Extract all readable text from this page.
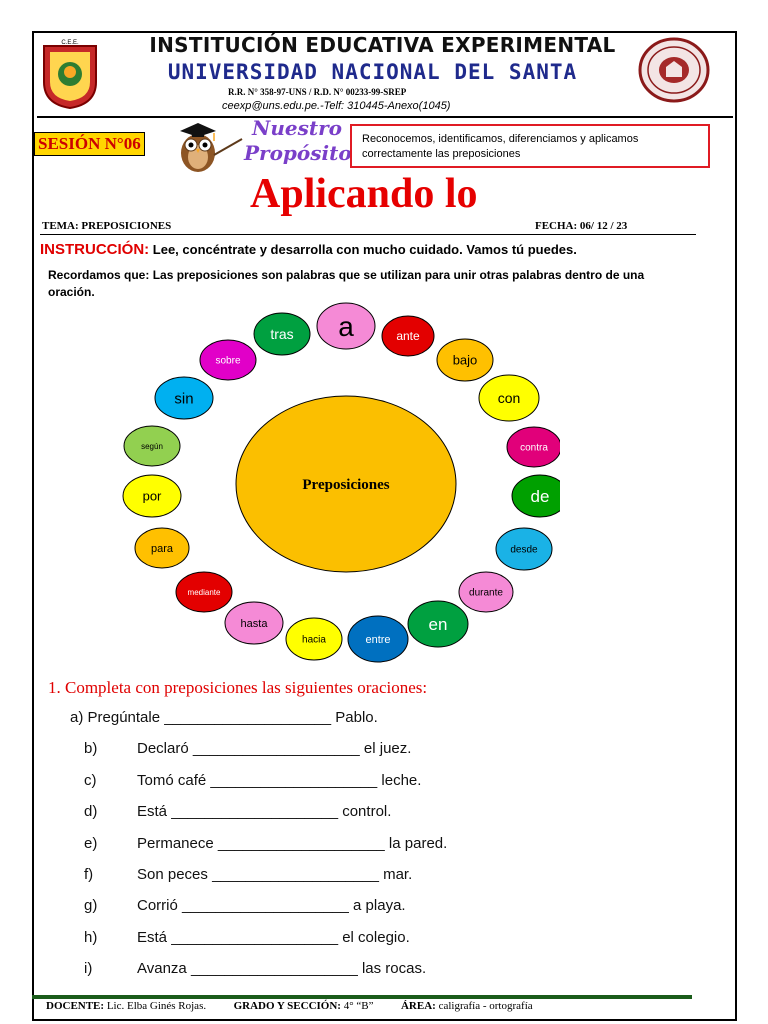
C.E.E.	INSTITUCIÓN EDUCATIVA EXPERIMENTAL
UNIVERSIDAD NACIONAL DEL SANTA
R.R. N° 358-97-UNS / R.D. N° 00233-99-SREP
ceexp@uns.edu.pe.-Telf: 310445-Anexo(1045)
SESIÓN N°06
Nuestro
Propósito
Reconocemos, identificamos, diferenciamos y aplicamos correctamente las preposiciones
Aplicando lo
TEMA: PREPOSICIONES	FECHA: 06/ 12 / 23
INSTRUCCIÓN: Lee, concéntrate y desarrolla con mucho cuidado. Vamos tú puedes.
Recordamos que: Las preposiciones son palabras que se utilizan para unir otras palabras dentro de una oración.
Preposiciones
a	ante
bajo
con
contra
de
desde
durante
en
entre
hacia
hasta
mediante
para
por
según
sin
sobre
tras
1. Completa con preposiciones las siguientes oraciones:
a) Pregúntale ____________________ Pablo.
b)	Declaró ____________________ el juez.
c)	Tomó café ____________________ leche.
d)	Está ____________________ control.
e)	Permanece ____________________ la pared.
f)	Son peces ____________________ mar.
g)	Corrió ____________________ a playa.
h)	Está ____________________ el colegio.
i)	Avanza ____________________ las rocas.
DOCENTE: Lic. Elba Ginés Rojas.	GRADO Y SECCIÓN: 4° “B”	ÁREA: caligrafía - ortografía
